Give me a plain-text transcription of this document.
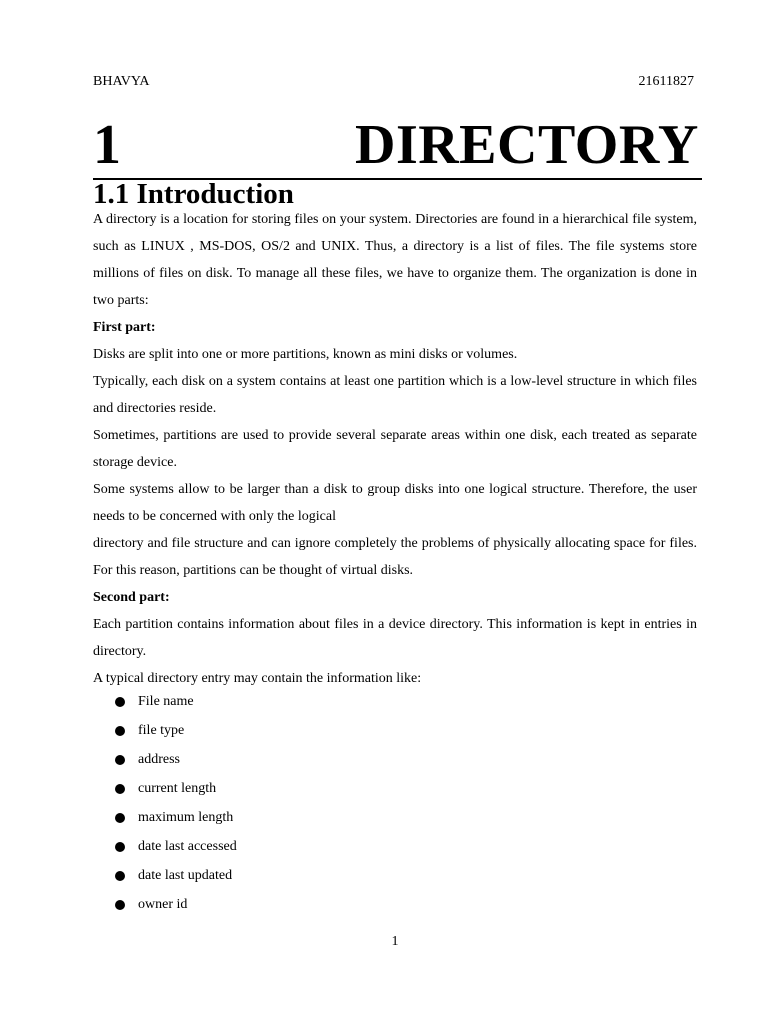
BHAVYA	21611827
1	DIRECTORY
1.1 Introduction

A directory is a location for storing files on your system. Directories are found in a hierarchical file system, such as LINUX , MS-DOS, OS/2 and UNIX. Thus, a directory is a list of files. The file systems store millions of files on disk. To manage all these files, we have to organize them. The organization is done in two parts:

First part:

Disks are split into one or more partitions, known as mini disks or volumes.

Typically, each disk on a system contains at least one partition which is a low-level structure in which files and directories reside.

Sometimes, partitions are used to provide several separate areas within one disk, each treated as separate storage device.

Some systems allow to be larger than a disk to group disks into one logical structure. Therefore, the user needs to be concerned with only the logical

directory and file structure and can ignore completely the problems of physically allocating space for files. For this reason, partitions can be thought of virtual disks.

Second part:

Each partition contains information about files in a device directory. This information is kept in entries in directory.

A typical directory entry may contain the information like:

File name
file type
address
current length
maximum length
date last accessed
date last updated
owner id
1
